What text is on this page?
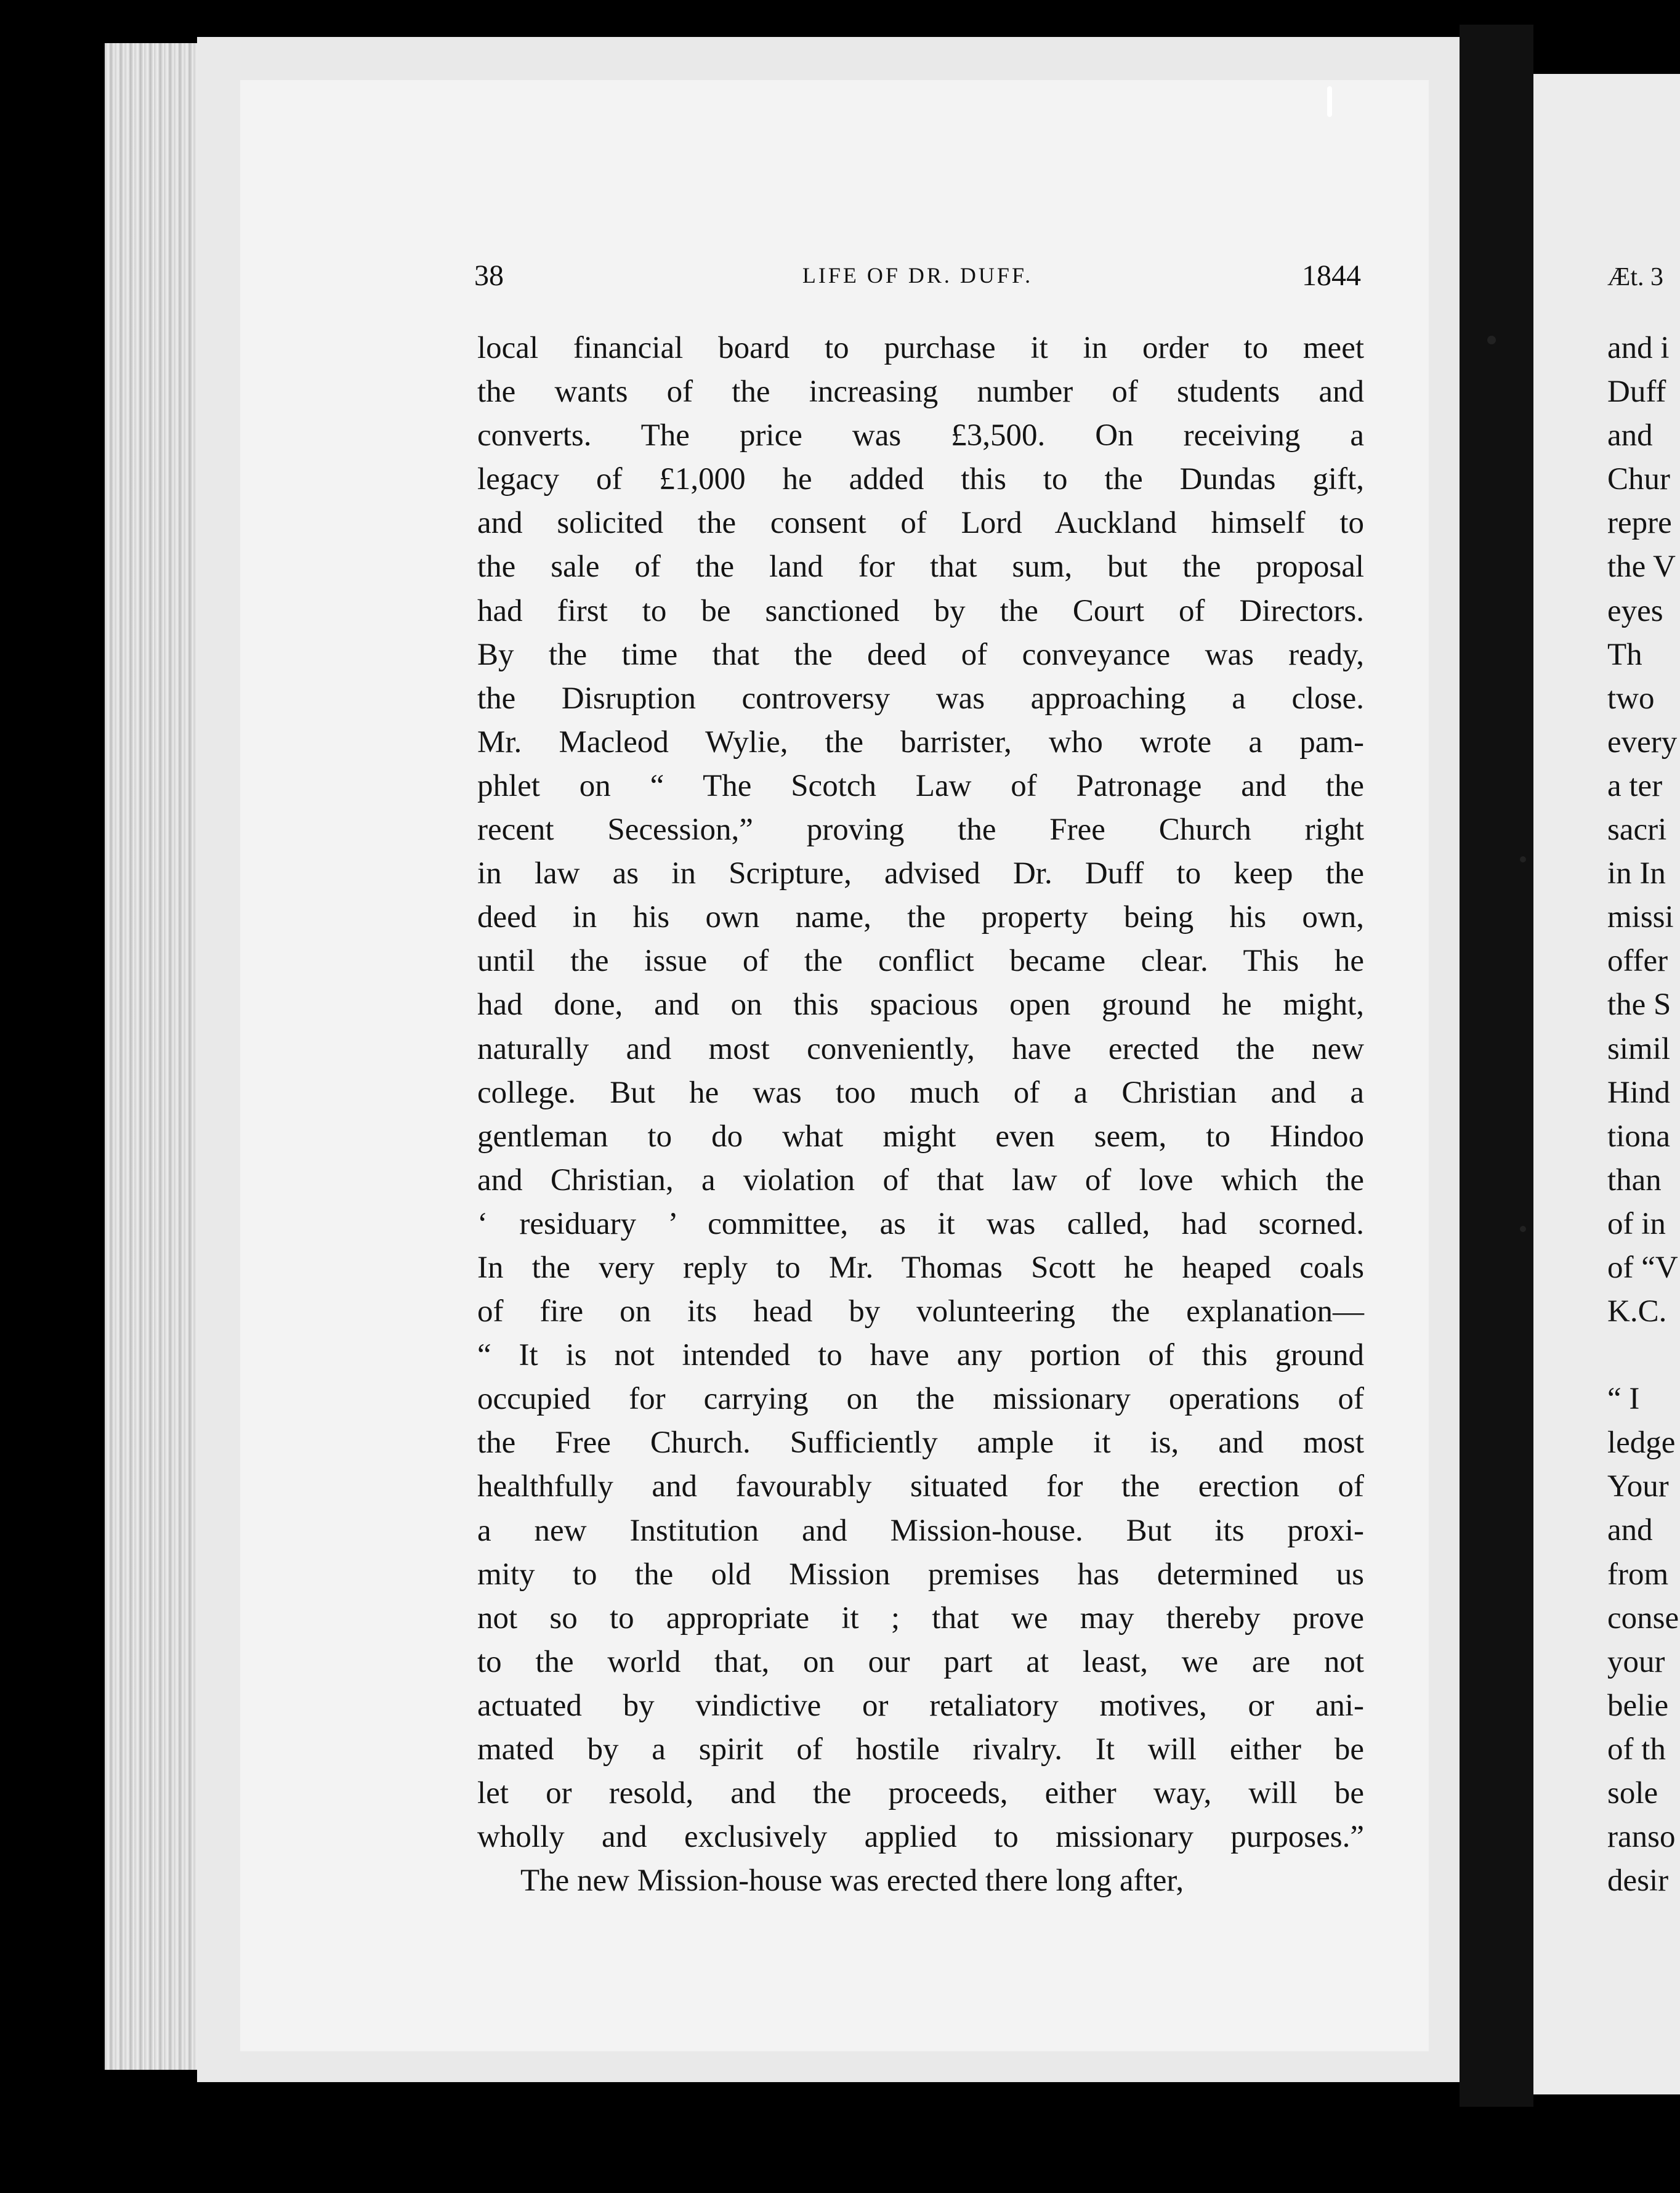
38	LIFE OF DR. DUFF.	1844
local financial board to purchase it in order to meet
the wants of the increasing number of students and
converts. The price was £3,500. On receiving a
legacy of £1,000 he added this to the Dundas gift,
and solicited the consent of Lord Auckland himself to
the sale of the land for that sum, but the proposal
had first to be sanctioned by the Court of Directors.
By the time that the deed of conveyance was ready,
the Disruption controversy was approaching a close.
Mr. Macleod Wylie, the barrister, who wrote a pam-
phlet on “ The Scotch Law of Patronage and the
recent Secession,” proving the Free Church right
in law as in Scripture, advised Dr. Duff to keep the
deed in his own name, the property being his own,
until the issue of the conflict became clear. This he
had done, and on this spacious open ground he might,
naturally and most conveniently, have erected the new
college. But he was too much of a Christian and a
gentleman to do what might even seem, to Hindoo
and Christian, a violation of that law of love which the
‘ residuary ’ committee, as it was called, had scorned.
In the very reply to Mr. Thomas Scott he heaped coals
of fire on its head by volunteering the explanation—
“ It is not intended to have any portion of this ground
occupied for carrying on the missionary operations of
the Free Church. Sufficiently ample it is, and most
healthfully and favourably situated for the erection of
a new Institution and Mission-house. But its proxi-
mity to the old Mission premises has determined us
not so to appropriate it ; that we may thereby prove
to the world that, on our part at least, we are not
actuated by vindictive or retaliatory motives, or ani-
mated by a spirit of hostile rivalry. It will either be
let or resold, and the proceeds, either way, will be
wholly and exclusively applied to missionary purposes.”
The new Mission-house was erected there long after,
Æt. 3
and i
Duff
and
Chur
repre
the V
eyes
Th
two
every
a ter
sacri
in In
missi
offer
the S
simil
Hind
tiona
than
of in
of “V
K.C.
“ I
ledge
Your
and
from
conse
your
belie
of th
sole
ranso
desir
